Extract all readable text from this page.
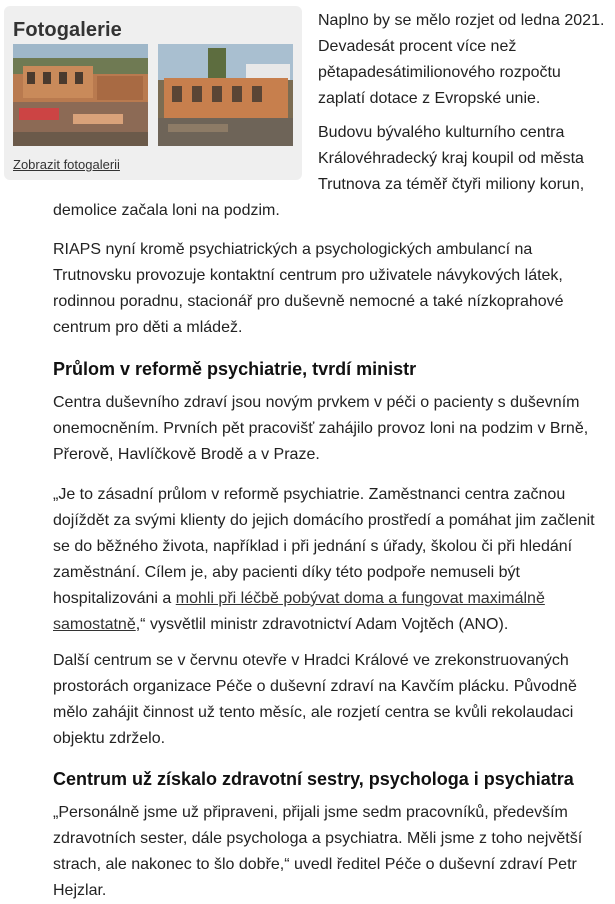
Fotogalerie
Zobrazit fotogalerii

Naplno by se mělo rozjet od ledna 2021. Devadesát procent více než pětapadesátimilionového rozpočtu zaplatí dotace z Evropské unie.

Budovu bývalého kulturního centra Královéhradecký kraj koupil od města Trutnova za téměř čtyři miliony korun,

demolice začala loni na podzim.

RIAPS nyní kromě psychiatrických a psychologických ambulancí na Trutnovsku provozuje kontaktní centrum pro uživatele návykových látek, rodinnou poradnu, stacionář pro duševně nemocné a také nízkoprahové centrum pro děti a mládež.

Průlom v reformě psychiatrie, tvrdí ministr

Centra duševního zdraví jsou novým prvkem v péči o pacienty s duševním onemocněním. Prvních pět pracovišť zahájilo provoz loni na podzim v Brně, Přerově, Havlíčkově Brodě a v Praze.

„Je to zásadní průlom v reformě psychiatrie. Zaměstnanci centra začnou dojíždět za svými klienty do jejich domácího prostředí a pomáhat jim začlenit se do běžného života, například i při jednání s úřady, školou či při hledání zaměstnání. Cílem je, aby pacienti díky této podpoře nemuseli být hospitalizováni a mohli při léčbě pobývat doma a fungovat maximálně samostatně,“ vysvětlil ministr zdravotnictví Adam Vojtěch (ANO).

Další centrum se v červnu otevře v Hradci Králové ve zrekonstruovaných prostorách organizace Péče o duševní zdraví na Kavčím plácku. Původně mělo zahájit činnost už tento měsíc, ale rozjetí centra se kvůli rekolaudaci objektu zdrželo.

Centrum už získalo zdravotní sestry, psychologa i psychiatra

„Personálně jsme už připraveni, přijali jsme sedm pracovníků, především zdravotních sester, dále psychologa a psychiatra. Měli jsme z toho největší strach, ale nakonec to šlo dobře,“ uvedl ředitel Péče o duševní zdraví Petr Hejzlar.
